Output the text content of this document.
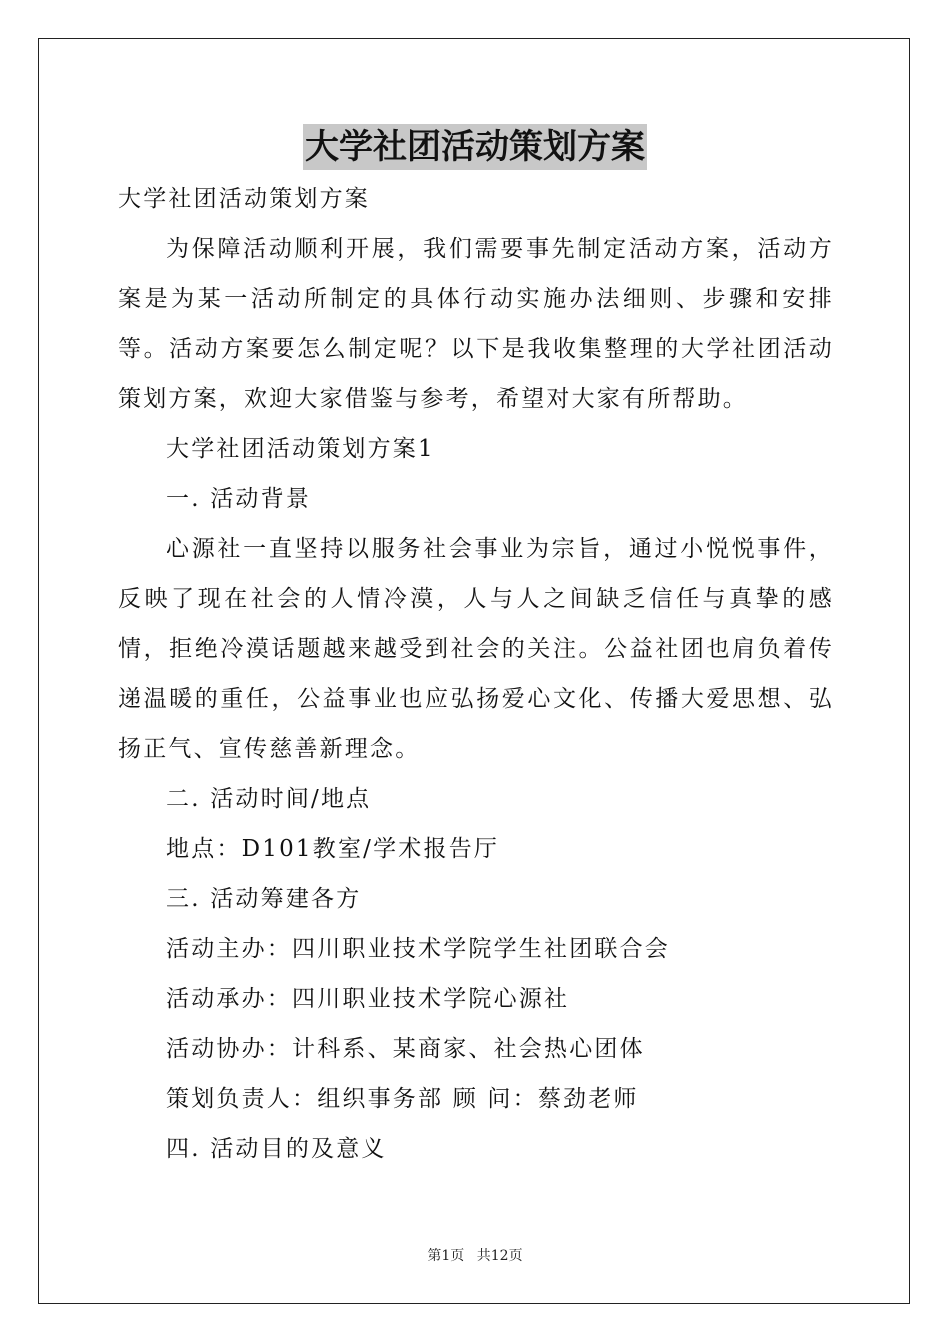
大学社团活动策划方案

大学社团活动策划方案

为保障活动顺利开展，我们需要事先制定活动方案，活动方案是为某一活动所制定的具体行动实施办法细则、步骤和安排等。活动方案要怎么制定呢？以下是我收集整理的大学社团活动策划方案，欢迎大家借鉴与参考，希望对大家有所帮助。

大学社团活动策划方案1

一. 活动背景

心源社一直坚持以服务社会事业为宗旨，通过小悦悦事件，反映了现在社会的人情冷漠，人与人之间缺乏信任与真挚的感情，拒绝冷漠话题越来越受到社会的关注。公益社团也肩负着传递温暖的重任，公益事业也应弘扬爱心文化、传播大爱思想、弘扬正气、宣传慈善新理念。

二. 活动时间/地点

地点：D101教室/学术报告厅

三. 活动筹建各方

活动主办：四川职业技术学院学生社团联合会

活动承办：四川职业技术学院心源社

活动协办：计科系、某商家、社会热心团体

策划负责人：组织事务部 顾 问：蔡劲老师

四. 活动目的及意义

第1页 共12页
